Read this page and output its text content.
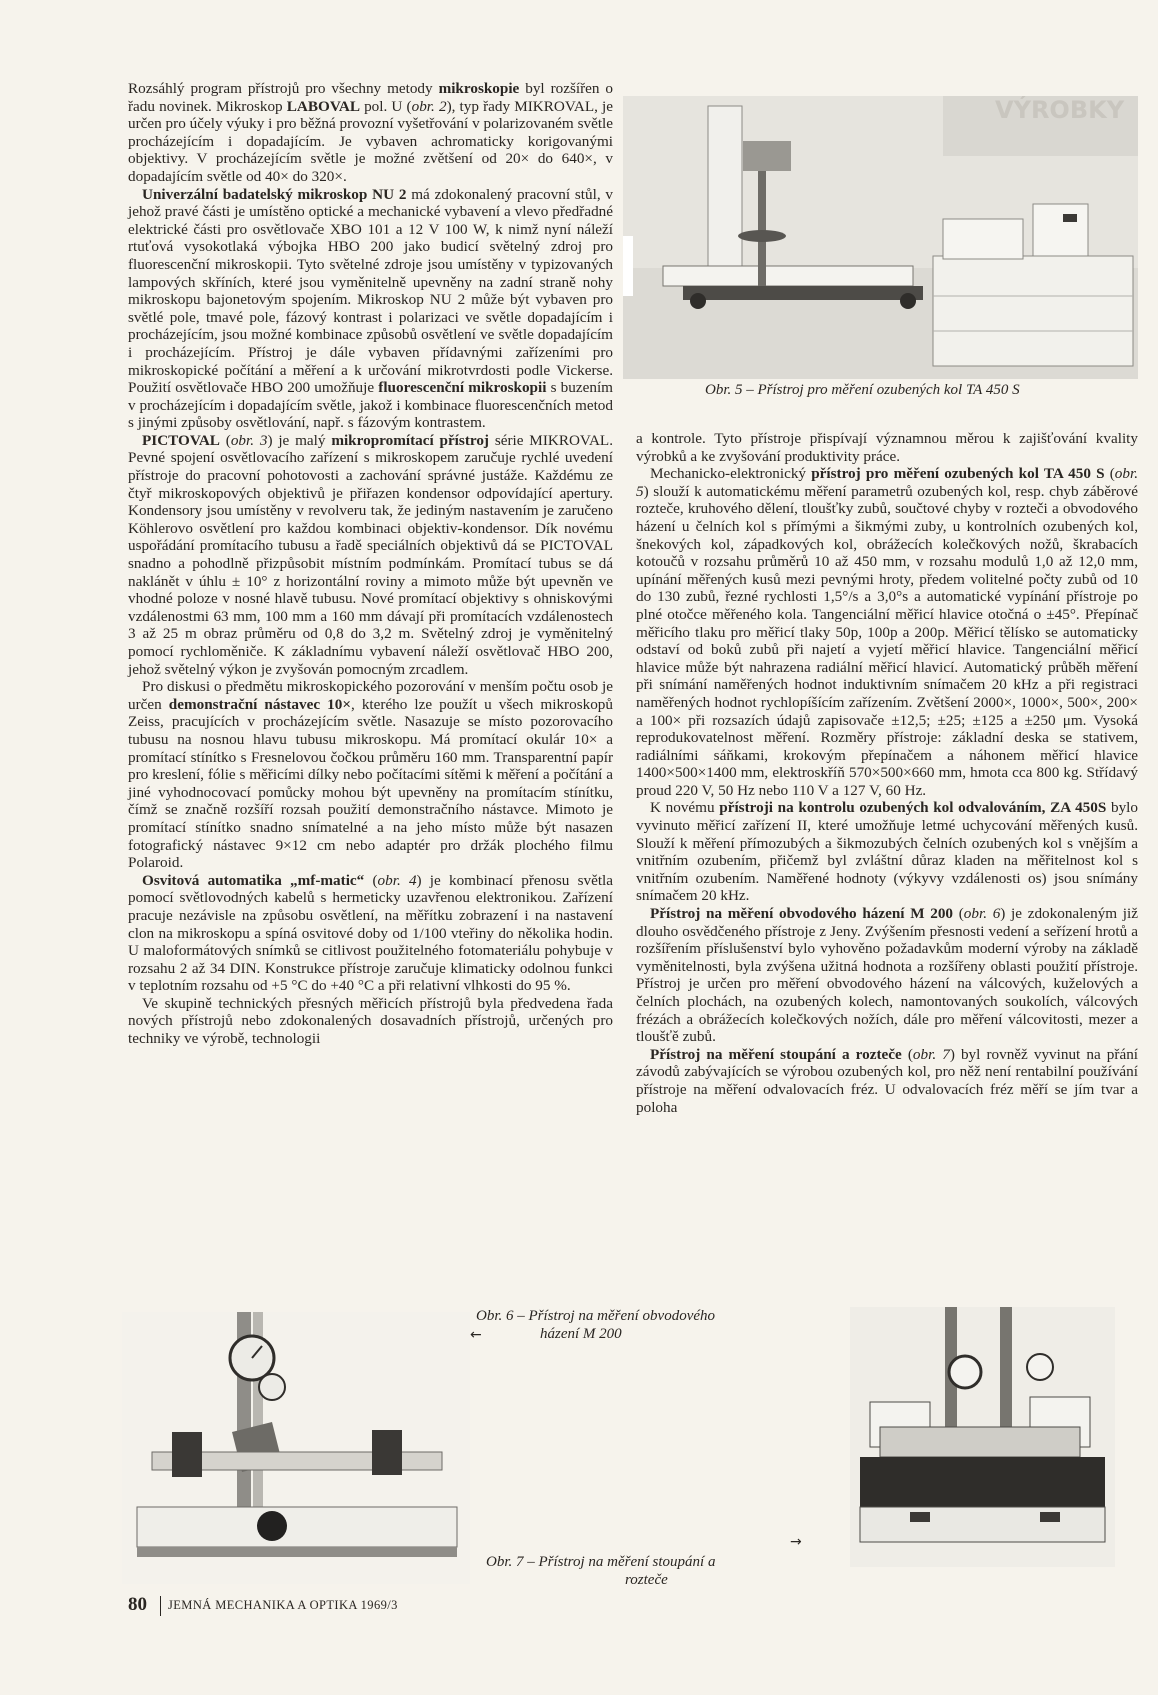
Rozsáhlý program přístrojů pro všechny metody mikroskopie byl rozšířen o řadu novinek. Mikroskop LABOVAL pol. U (obr. 2), typ řady MIKROVAL, je určen pro účely výuky i pro běžná provozní vyšetřování v polarizovaném světle procházejícím i dopadajícím. Je vybaven achromaticky korigovanými objektivy. V procházejícím světle je možné zvětšení od 20× do 640×, v dopadajícím světle od 40× do 320×.

Univerzální badatelský mikroskop NU 2 má zdokonalený pracovní stůl, v jehož pravé části je umístěno optické a mechanické vybavení a vlevo předřadné elektrické části pro osvětlovače XBO 101 a 12 V 100 W, k nimž nyní náleží rtuťová vysokotlaká výbojka HBO 200 jako budicí světelný zdroj pro fluorescenční mikroskopii. Tyto světelné zdroje jsou umístěny v typizovaných lampových skříních, které jsou vyměnitelně upevněny na zadní straně nohy mikroskopu bajonetovým spojením. Mikroskop NU 2 může být vybaven pro světlé pole, tmavé pole, fázový kontrast i polarizaci ve světle dopadajícím i procházejícím, jsou možné kombinace způsobů osvětlení ve světle dopadajícím i procházejícím. Přístroj je dále vybaven přídavnými zařízeními pro mikroskopické počítání a měření a k určování mikrotvrdosti podle Vickerse. Použití osvětlovače HBO 200 umožňuje fluorescenční mikroskopii s buzením v procházejícím i dopadajícím světle, jakož i kombinace fluorescenčních metod s jinými způsoby osvětlování, např. s fázovým kontrastem.

PICTOVAL (obr. 3) je malý mikropromítací přístroj série MIKROVAL. Pevné spojení osvětlovacího zařízení s mikroskopem zaručuje rychlé uvedení přístroje do pracovní pohotovosti a zachování správné justáže. Každému ze čtyř mikroskopových objektivů je přiřazen kondensor odpovídající apertury. Kondensory jsou umístěny v revolveru tak, že jediným nastavením je zaručeno Köhlerovo osvětlení pro každou kombinaci objektiv-kondensor. Dík novému uspořádání promítacího tubusu a řadě speciálních objektivů dá se PICTOVAL snadno a pohodlně přizpůsobit místním podmínkám. Promítací tubus se dá naklánět v úhlu ± 10° z horizontální roviny a mimoto může být upevněn ve vhodné poloze v nosné hlavě tubusu. Nové promítací objektivy s ohniskovými vzdálenostmi 63 mm, 100 mm a 160 mm dávají při promítacích vzdálenostech 3 až 25 m obraz průměru od 0,8 do 3,2 m. Světelný zdroj je vyměnitelný pomocí rychloměniče. K základnímu vybavení náleží osvětlovač HBO 200, jehož světelný výkon je zvyšován pomocným zrcadlem.

Pro diskusi o předmětu mikroskopického pozorování v menším počtu osob je určen demonstrační nástavec 10×, kterého lze použít u všech mikroskopů Zeiss, pracujících v procházejícím světle. Nasazuje se místo pozorovacího tubusu na nosnou hlavu tubusu mikroskopu. Má promítací okulár 10× a promítací stínítko s Fresnelovou čočkou průměru 160 mm. Transparentní papír pro kreslení, fólie s měřicími dílky nebo počítacími sítěmi k měření a počítání a jiné vyhodnocovací pomůcky mohou být upevněny na promítacím stínítku, čímž se značně rozšíří rozsah použití demonstračního nástavce. Mimoto je promítací stínítko snadno snímatelné a na jeho místo může být nasazen fotografický nástavec 9×12 cm nebo adaptér pro držák plochého filmu Polaroid.

Osvitová automatika „mf-matic“ (obr. 4) je kombinací přenosu světla pomocí světlovodných kabelů s hermeticky uzavřenou elektronikou. Zařízení pracuje nezávisle na způsobu osvětlení, na měřítku zobrazení i na nastavení clon na mikroskopu a spíná osvitové doby od 1/100 vteřiny do několika hodin. U maloformátových snímků se citlivost použitelného fotomateriálu pohybuje v rozsahu 2 až 34 DIN. Konstrukce přístroje zaručuje klimaticky odolnou funkci v teplotním rozsahu od +5 °C do +40 °C a při relativní vlhkosti do 95 %.

Ve skupině technických přesných měřicích přístrojů byla předvedena řada nových přístrojů nebo zdokonalených dosavadních přístrojů, určených pro techniky ve výrobě, technologii

a kontrole. Tyto přístroje přispívají významnou měrou k zajišťování kvality výrobků a ke zvyšování produktivity práce.

Mechanicko-elektronický přístroj pro měření ozubených kol TA 450 S (obr. 5) slouží k automatickému měření parametrů ozubených kol, resp. chyb záběrové rozteče, kruhového dělení, tloušťky zubů, součtové chyby v rozteči a obvodového házení u čelních kol s přímými a šikmými zuby, u kontrolních ozubených kol, šnekových kol, západkových kol, obrážecích kolečkových nožů, škrabacích kotoučů v rozsahu průměrů 10 až 450 mm, v rozsahu modulů 1,0 až 12,0 mm, upínání měřených kusů mezi pevnými hroty, předem volitelné počty zubů od 10 do 130 zubů, řezné rychlosti 1,5°/s a 3,0°s a automatické vypínání přístroje po plné otočce měřeného kola. Tangenciální měřicí hlavice otočná o ±45°. Přepínač měřicího tlaku pro měřicí tlaky 50p, 100p a 200p. Měřicí tělísko se automaticky odstaví od boků zubů při najetí a vyjetí měřicí hlavice. Tangenciální měřicí hlavice může být nahrazena radiální měřicí hlavicí. Automatický průběh měření při snímání naměřených hodnot induktivním snímačem 20 kHz a při registraci naměřených hodnot rychlopíšícím zařízením. Zvětšení 2000×, 1000×, 500×, 200× a 100× při rozsazích údajů zapisovače ±12,5; ±25; ±125 a ±250 μm. Vysoká reprodukovatelnost měření. Rozměry přístroje: základní deska se stativem, radiálními sáňkami, krokovým přepínačem a náhonem měřicí hlavice 1400×500×1400 mm, elektroskříň 570×500×660 mm, hmota cca 800 kg. Střídavý proud 220 V, 50 Hz nebo 110 V a 127 V, 60 Hz.

K novému přístroji na kontrolu ozubených kol odvalováním, ZA 450S bylo vyvinuto měřicí zařízení II, které umožňuje letmé uchycování měřených kusů. Slouží k měření přímozubých a šikmozubých čelních ozubených kol s vnějším a vnitřním ozubením, přičemž byl zvláštní důraz kladen na měřitelnost kol s vnitřním ozubením. Naměřené hodnoty (výkyvy vzdálenosti os) jsou snímány snímačem 20 kHz.

Přístroj na měření obvodového házení M 200 (obr. 6) je zdokonaleným již dlouho osvědčeného přístroje z Jeny. Zvýšením přesnosti vedení a seřízení hrotů a rozšířením příslušenství bylo vyhověno požadavkům moderní výroby na základě vyměnitelnosti, byla zvýšena užitná hodnota a rozšířeny oblasti použití přístroje. Přístroj je určen pro měření obvodového házení na válcových, kuželových a čelních plochách, na ozubených kolech, namontovaných soukolích, válcových frézách a obrážecích kolečkových nožích, dále pro měření válcovitosti, mezer a tloušťě zubů.

Přístroj na měření stoupání a rozteče (obr. 7) byl rovněž vyvinut na přání závodů zabývajících se výrobou ozubených kol, pro něž není rentabilní používání přístroje na měření odvalovacích fréz. U odvalovacích fréz měří se jím tvar a poloha

VÝROBKY
Obr. 5 – Přístroj pro měření ozubených kol TA 450 S
Obr. 6 – Přístroj na měření obvodového
házení M 200
←
Obr. 7 – Přístroj na měření stoupání a
rozteče
→
80 JEMNÁ MECHANIKA A OPTIKA 1969/3
